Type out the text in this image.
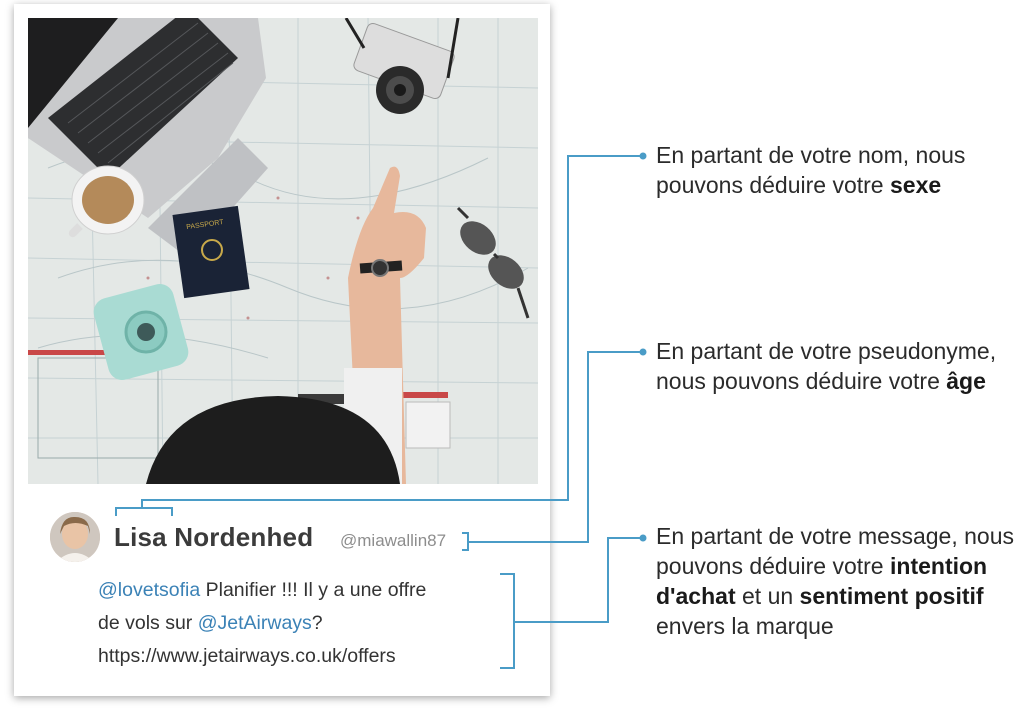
PASSPORT
Lisa Nordenhed @miawallin87
@lovetsofia Planifier !!! Il y a une offre
de vols sur @JetAirways?
https://www.jetairways.co.uk/offers
En partant de votre nom, nous pouvons déduire votre sexe
En partant de votre pseudonyme, nous pouvons déduire votre âge
En partant de votre message, nous pouvons déduire votre intention d'achat et un sentiment positif envers la marque
